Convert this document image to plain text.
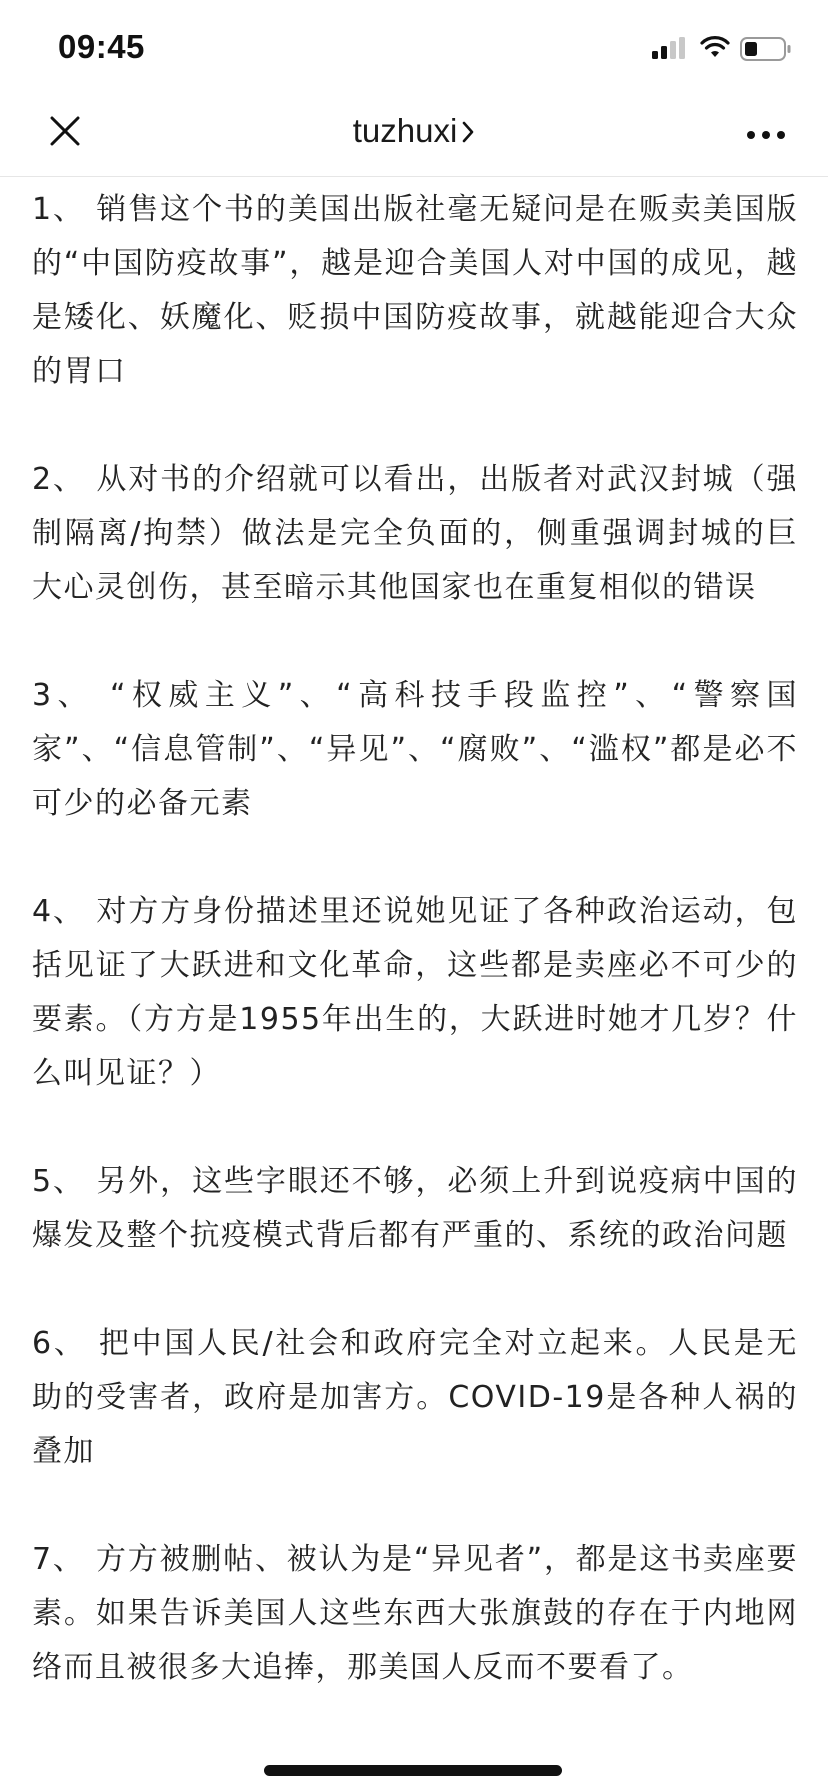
09:45
tuzhuxi

1、 销售这个书的美国出版社毫无疑问是在贩卖美国版的“中国防疫故事”，越是迎合美国人对中国的成见，越是矮化、妖魔化、贬损中国防疫故事，就越能迎合大众的胃口

2、 从对书的介绍就可以看出，出版者对武汉封城（强制隔离/拘禁）做法是完全负面的，侧重强调封城的巨大心灵创伤，甚至暗示其他国家也在重复相似的错误

3、 “权威主义”、“高科技手段监控”、“警察国家”、“信息管制”、“异见”、“腐败”、“滥权”都是必不可少的必备元素

4、 对方方身份描述里还说她见证了各种政治运动，包括见证了大跃进和文化革命，这些都是卖座必不可少的要素。（方方是1955年出生的，大跃进时她才几岁？什么叫见证？）

5、 另外，这些字眼还不够，必须上升到说疫病中国的爆发及整个抗疫模式背后都有严重的、系统的政治问题

6、 把中国人民/社会和政府完全对立起来。人民是无助的受害者，政府是加害方。COVID-19是各种人祸的叠加

7、 方方被删帖、被认为是“异见者”，都是这书卖座要素。如果告诉美国人这些东西大张旗鼓的存在于内地网络而且被很多大追捧，那美国人反而不要看了。
